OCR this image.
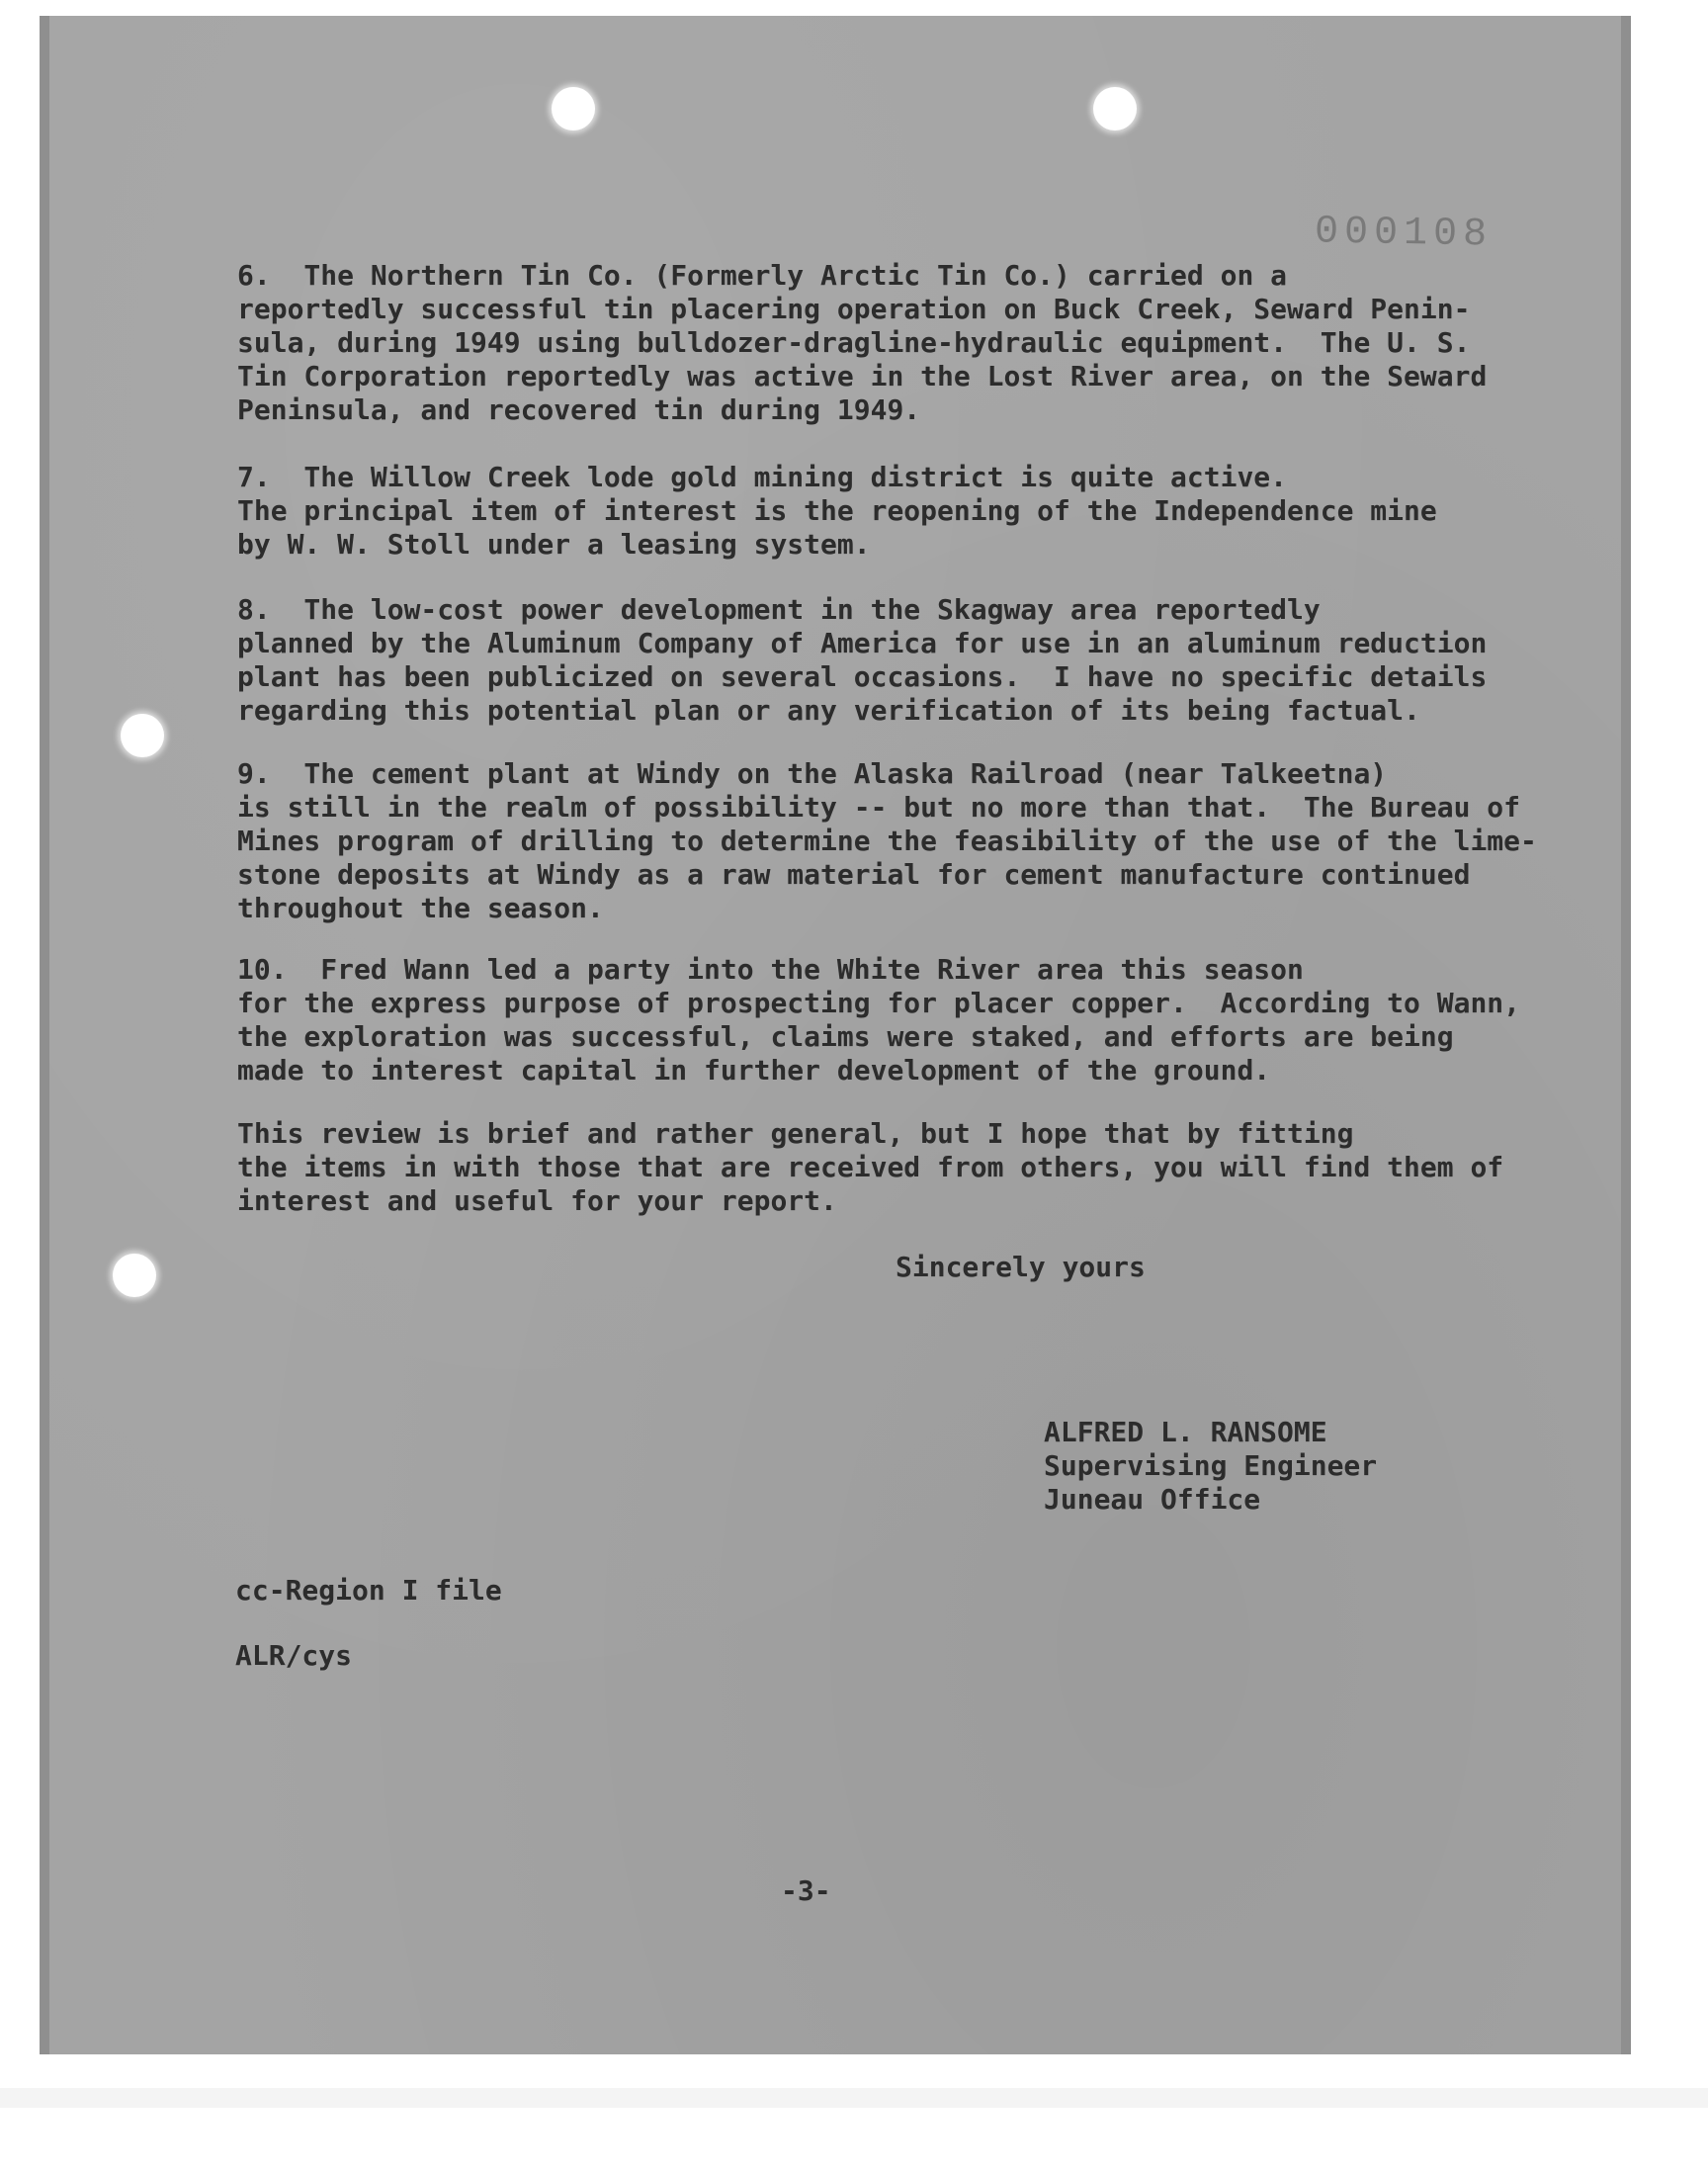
000108
6.  The Northern Tin Co. (Formerly Arctic Tin Co.) carried on a
reportedly successful tin placering operation on Buck Creek, Seward Penin-
sula, during 1949 using bulldozer-dragline-hydraulic equipment.  The U. S.
Tin Corporation reportedly was active in the Lost River area, on the Seward
Peninsula, and recovered tin during 1949.
7.  The Willow Creek lode gold mining district is quite active.
The principal item of interest is the reopening of the Independence mine
by W. W. Stoll under a leasing system.
8.  The low-cost power development in the Skagway area reportedly
planned by the Aluminum Company of America for use in an aluminum reduction
plant has been publicized on several occasions.  I have no specific details
regarding this potential plan or any verification of its being factual.
9.  The cement plant at Windy on the Alaska Railroad (near Talkeetna)
is still in the realm of possibility -- but no more than that.  The Bureau of
Mines program of drilling to determine the feasibility of the use of the lime-
stone deposits at Windy as a raw material for cement manufacture continued
throughout the season.
10.  Fred Wann led a party into the White River area this season
for the express purpose of prospecting for placer copper.  According to Wann,
the exploration was successful, claims were staked, and efforts are being
made to interest capital in further development of the ground.
This review is brief and rather general, but I hope that by fitting
the items in with those that are received from others, you will find them of
interest and useful for your report.
Sincerely yours
ALFRED L. RANSOME
Supervising Engineer
Juneau Office
cc-Region I file
ALR/cys
-3-
